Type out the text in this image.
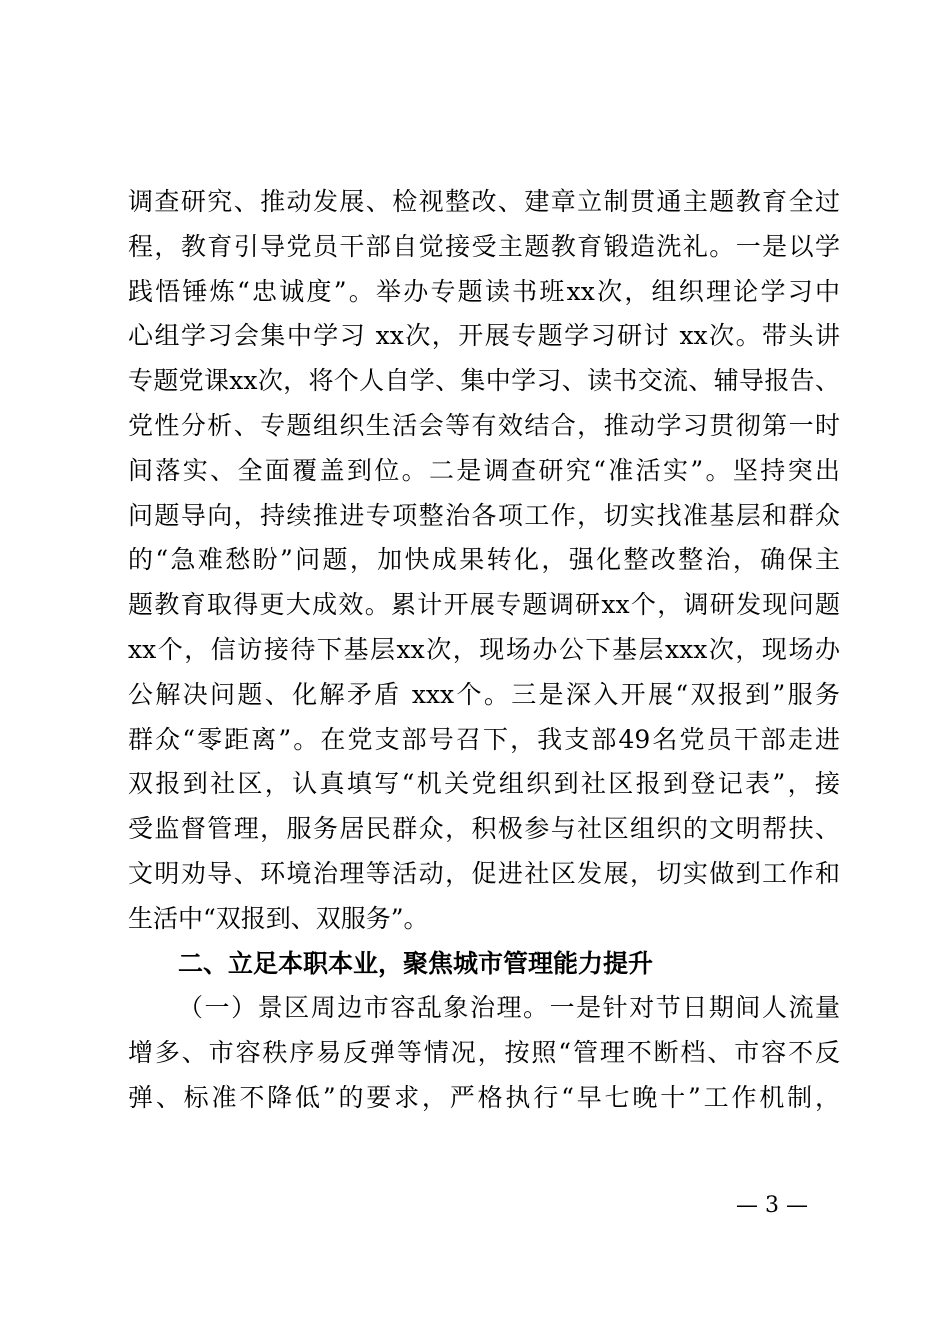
调查研究、推动发展、检视整改、建章立制贯通主题教育全过
程，教育引导党员干部自觉接受主题教育锻造洗礼。一是以学
践悟锤炼“忠诚度”。举办专题读书班xx次，组织理论学习中
心组学习会集中学习 xx次，开展专题学习研讨 xx次。带头讲
专题党课xx次，将个人自学、集中学习、读书交流、辅导报告、
党性分析、专题组织生活会等有效结合，推动学习贯彻第一时
间落实、全面覆盖到位。二是调查研究“准活实”。坚持突出
问题导向，持续推进专项整治各项工作，切实找准基层和群众
的“急难愁盼”问题，加快成果转化，强化整改整治，确保主
题教育取得更大成效。累计开展专题调研xx个，调研发现问题
xx个，信访接待下基层xx次，现场办公下基层xxx次，现场办
公解决问题、化解矛盾 xxx个。三是深入开展“双报到”服务
群众“零距离”。在党支部号召下，我支部49名党员干部走进
双报到社区，认真填写“机关党组织到社区报到登记表”，接
受监督管理，服务居民群众，积极参与社区组织的文明帮扶、
文明劝导、环境治理等活动，促进社区发展，切实做到工作和
生活中“双报到、双服务”。
二、立足本职本业，聚焦城市管理能力提升
（一）景区周边市容乱象治理。一是针对节日期间人流量
增多、市容秩序易反弹等情况，按照“管理不断档、市容不反
弹、标准不降低”的要求，严格执行“早七晚十”工作机制，
— 3 —
